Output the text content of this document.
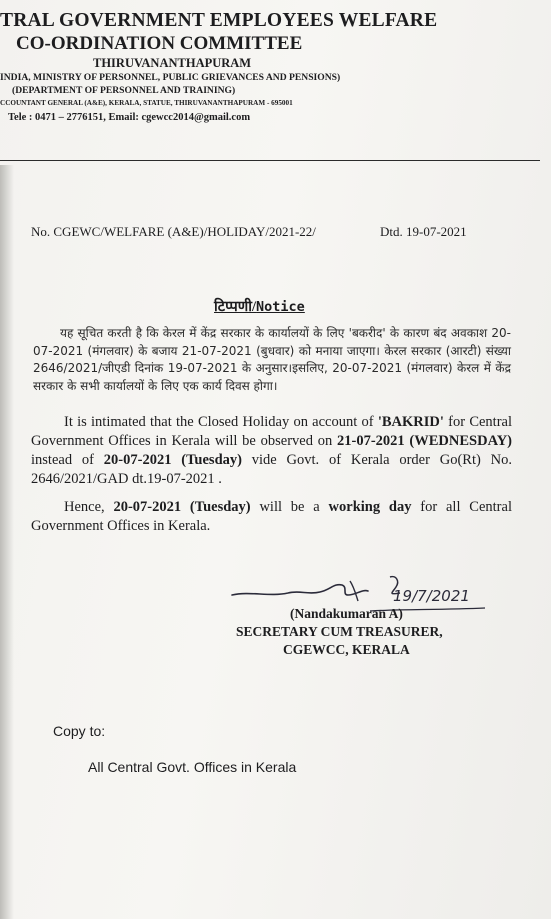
TRAL GOVERNMENT EMPLOYEES WELFARE
CO-ORDINATION COMMITTEE
THIRUVANANTHAPURAM
INDIA, MINISTRY OF PERSONNEL, PUBLIC GRIEVANCES AND PENSIONS)
(DEPARTMENT OF PERSONNEL AND TRAINING)
CCOUNTANT GENERAL (A&E), KERALA, STATUE, THIRUVANANTHAPURAM - 695001
Tele : 0471 – 2776151, Email: cgewcc2014@gmail.com
No. CGEWC/WELFARE (A&E)/HOLIDAY/2021-22/	Dtd. 19-07-2021
टिप्पणी/Notice
यह सूचित करती है कि केरल में केंद्र सरकार के कार्यालयों के लिए 'बकरीद' के कारण बंद अवकाश 20-07-2021 (मंगलवार) के बजाय 21-07-2021 (बुधवार) को मनाया जाएगा। केरल सरकार (आरटी) संख्या 2646/2021/जीएडी दिनांक 19-07-2021 के अनुसार।इसलिए, 20-07-2021 (मंगलवार) केरल में केंद्र सरकार के सभी कार्यालयों के लिए एक कार्य दिवस होगा।
It is intimated that the Closed Holiday on account of 'BAKRID' for Central Government Offices in Kerala will be observed on 21-07-2021 (WEDNESDAY) instead of 20-07-2021 (Tuesday) vide Govt. of Kerala order Go(Rt) No. 2646/2021/GAD dt.19-07-2021 .
Hence, 20-07-2021 (Tuesday) will be a working day for all Central Government Offices in Kerala.
19/7/2021
(Nandakumaran A)
SECRETARY CUM TREASURER,
CGEWCC, KERALA
Copy to:
All Central Govt. Offices in Kerala
